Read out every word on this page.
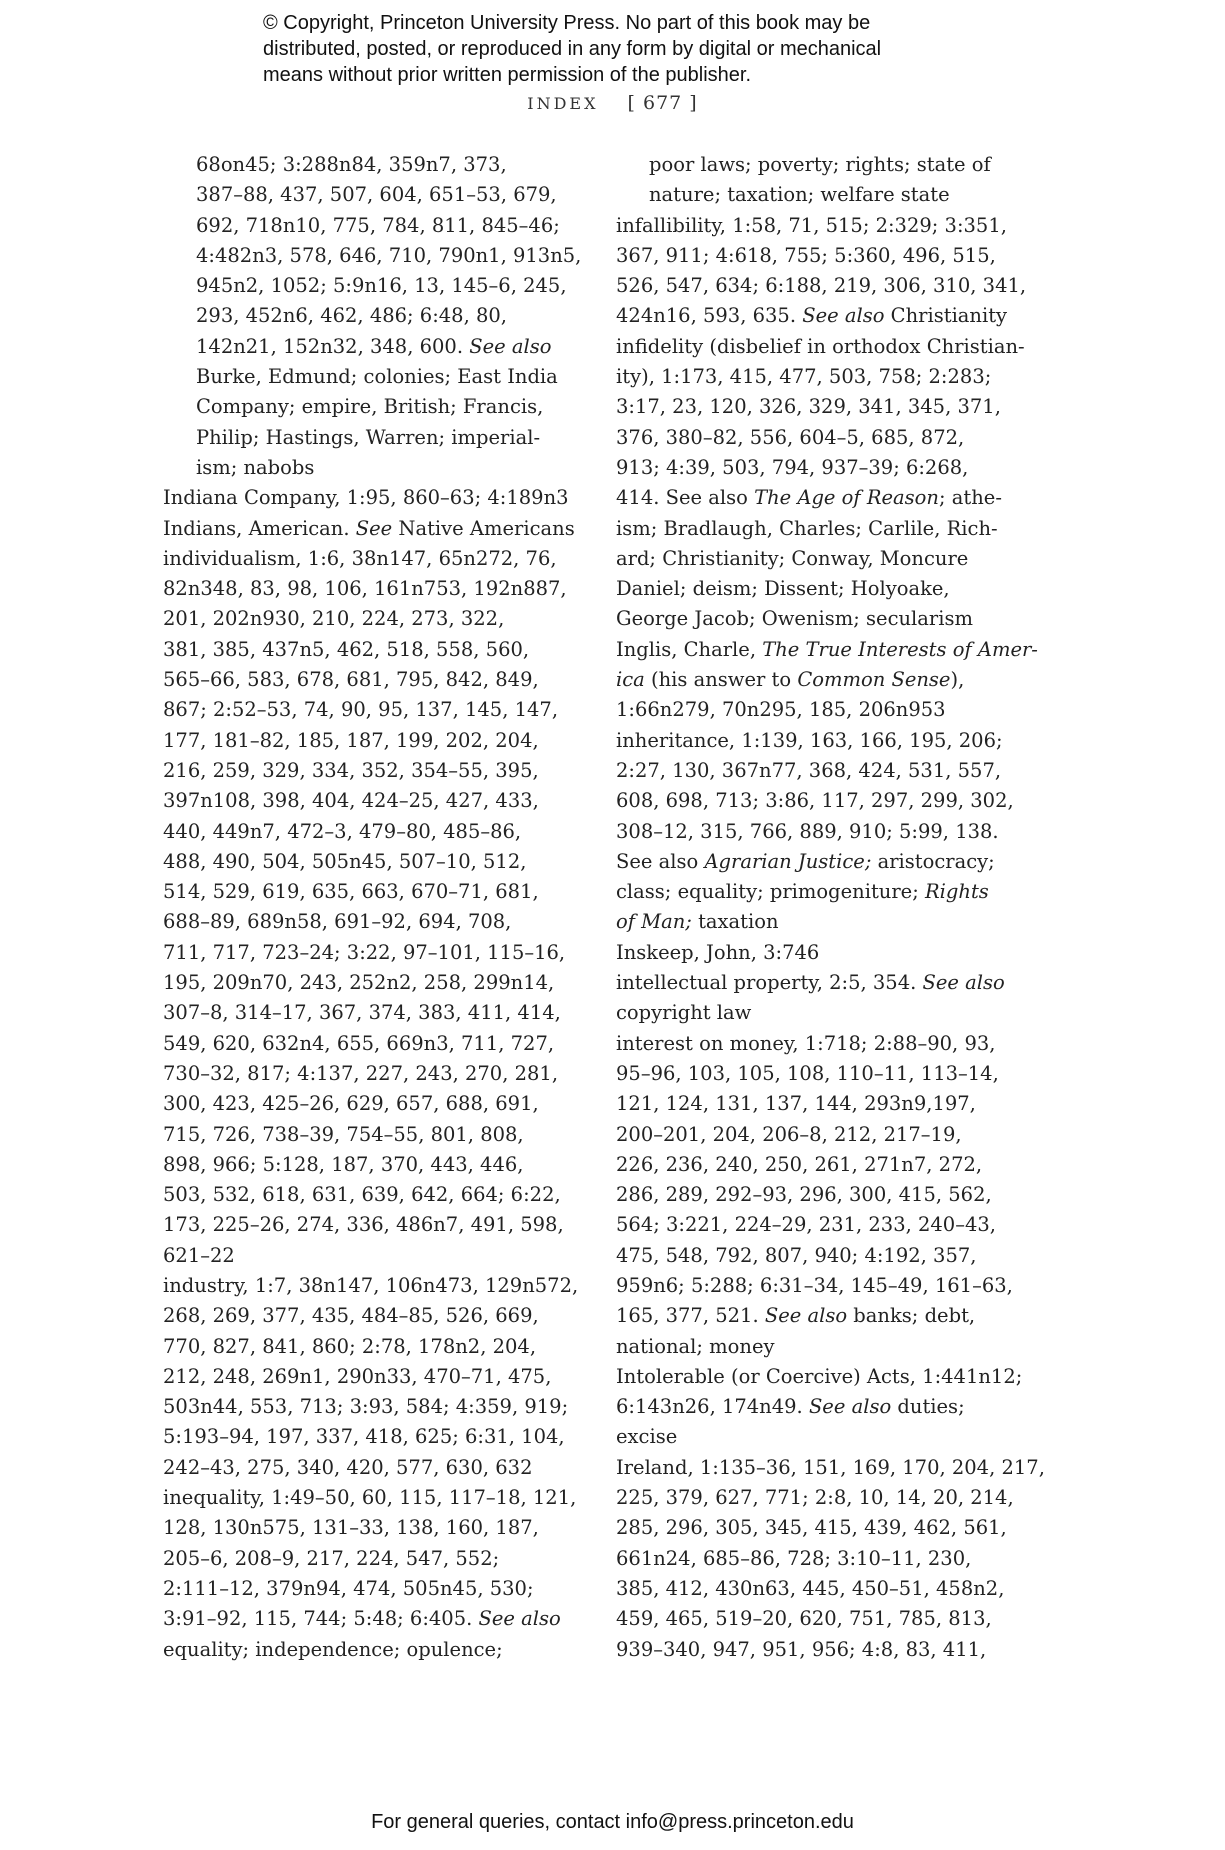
© Copyright, Princeton University Press. No part of this book may be
distributed, posted, or reproduced in any form by digital or mechanical
means without prior written permission of the publisher.
INDEX [ 677 ]
68on45; 3:288n84, 359n7, 373,
387–88, 437, 507, 604, 651–53, 679,
692, 718n10, 775, 784, 811, 845–46;
4:482n3, 578, 646, 710, 790n1, 913n5,
945n2, 1052; 5:9n16, 13, 145–6, 245,
293, 452n6, 462, 486; 6:48, 80,
142n21, 152n32, 348, 600. See also
Burke, Edmund; colonies; East India
Company; empire, British; Francis,
Philip; Hastings, Warren; imperial-
ism; nabobs
Indiana Company, 1:95, 860–63; 4:189n3
Indians, American. See Native Americans
individualism, 1:6, 38n147, 65n272, 76,
82n348, 83, 98, 106, 161n753, 192n887,
201, 202n930, 210, 224, 273, 322,
381, 385, 437n5, 462, 518, 558, 560,
565–66, 583, 678, 681, 795, 842, 849,
867; 2:52–53, 74, 90, 95, 137, 145, 147,
177, 181–82, 185, 187, 199, 202, 204,
216, 259, 329, 334, 352, 354–55, 395,
397n108, 398, 404, 424–25, 427, 433,
440, 449n7, 472–3, 479–80, 485–86,
488, 490, 504, 505n45, 507–10, 512,
514, 529, 619, 635, 663, 670–71, 681,
688–89, 689n58, 691–92, 694, 708,
711, 717, 723–24; 3:22, 97–101, 115–16,
195, 209n70, 243, 252n2, 258, 299n14,
307–8, 314–17, 367, 374, 383, 411, 414,
549, 620, 632n4, 655, 669n3, 711, 727,
730–32, 817; 4:137, 227, 243, 270, 281,
300, 423, 425–26, 629, 657, 688, 691,
715, 726, 738–39, 754–55, 801, 808,
898, 966; 5:128, 187, 370, 443, 446,
503, 532, 618, 631, 639, 642, 664; 6:22,
173, 225–26, 274, 336, 486n7, 491, 598,
621–22
industry, 1:7, 38n147, 106n473, 129n572,
268, 269, 377, 435, 484–85, 526, 669,
770, 827, 841, 860; 2:78, 178n2, 204,
212, 248, 269n1, 290n33, 470–71, 475,
503n44, 553, 713; 3:93, 584; 4:359, 919;
5:193–94, 197, 337, 418, 625; 6:31, 104,
242–43, 275, 340, 420, 577, 630, 632
inequality, 1:49–50, 60, 115, 117–18, 121,
128, 130n575, 131–33, 138, 160, 187,
205–6, 208–9, 217, 224, 547, 552;
2:111–12, 379n94, 474, 505n45, 530;
3:91–92, 115, 744; 5:48; 6:405. See also
equality; independence; opulence;
poor laws; poverty; rights; state of
nature; taxation; welfare state
infallibility, 1:58, 71, 515; 2:329; 3:351,
367, 911; 4:618, 755; 5:360, 496, 515,
526, 547, 634; 6:188, 219, 306, 310, 341,
424n16, 593, 635. See also Christianity
infidelity (disbelief in orthodox Christian-
ity), 1:173, 415, 477, 503, 758; 2:283;
3:17, 23, 120, 326, 329, 341, 345, 371,
376, 380–82, 556, 604–5, 685, 872,
913; 4:39, 503, 794, 937–39; 6:268,
414. See also The Age of Reason; athe-
ism; Bradlaugh, Charles; Carlile, Rich-
ard; Christianity; Conway, Moncure
Daniel; deism; Dissent; Holyoake,
George Jacob; Owenism; secularism
Inglis, Charle, The True Interests of Amer-
ica (his answer to Common Sense),
1:66n279, 70n295, 185, 206n953
inheritance, 1:139, 163, 166, 195, 206;
2:27, 130, 367n77, 368, 424, 531, 557,
608, 698, 713; 3:86, 117, 297, 299, 302,
308–12, 315, 766, 889, 910; 5:99, 138.
See also Agrarian Justice; aristocracy;
class; equality; primogeniture; Rights
of Man; taxation
Inskeep, John, 3:746
intellectual property, 2:5, 354. See also
copyright law
interest on money, 1:718; 2:88–90, 93,
95–96, 103, 105, 108, 110–11, 113–14,
121, 124, 131, 137, 144, 293n9,197,
200–201, 204, 206–8, 212, 217–19,
226, 236, 240, 250, 261, 271n7, 272,
286, 289, 292–93, 296, 300, 415, 562,
564; 3:221, 224–29, 231, 233, 240–43,
475, 548, 792, 807, 940; 4:192, 357,
959n6; 5:288; 6:31–34, 145–49, 161–63,
165, 377, 521. See also banks; debt,
national; money
Intolerable (or Coercive) Acts, 1:441n12;
6:143n26, 174n49. See also duties;
excise
Ireland, 1:135–36, 151, 169, 170, 204, 217,
225, 379, 627, 771; 2:8, 10, 14, 20, 214,
285, 296, 305, 345, 415, 439, 462, 561,
661n24, 685–86, 728; 3:10–11, 230,
385, 412, 430n63, 445, 450–51, 458n2,
459, 465, 519–20, 620, 751, 785, 813,
939–340, 947, 951, 956; 4:8, 83, 411,
For general queries, contact info@press.princeton.edu
